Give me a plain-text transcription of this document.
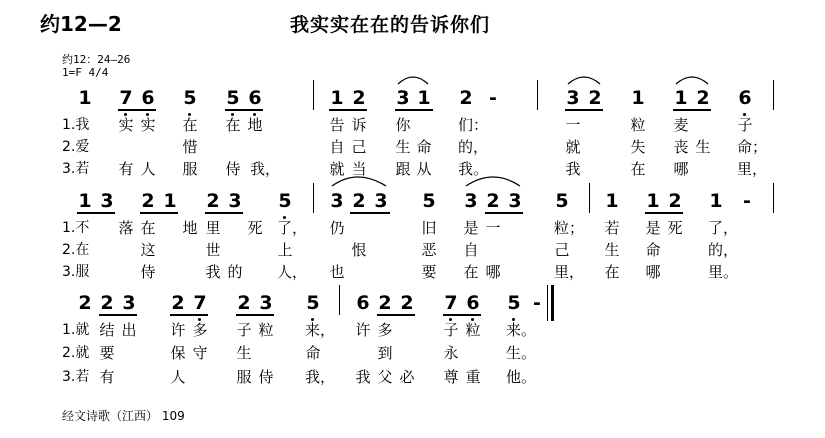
约12—2	我实实在在的告诉你们
约12：24—26
1=F 4/4
1 7 6 5 5 6	1 2 3 1 2 -	3 2 1 1 2 6
1.我 实 实 在 在 地	告 诉 你	们：	一	粒 麦	子
2.爱	惜	自 己 生 命 的，	就	失 丧 生 命；
3.若 有 人 服 侍 我，	就 当 跟 从 我。	我	在 哪	里，
1 3 2 1 2 3 5 3 2 3 5 3 2 3 5 1 1 2 1 -
1.不 落 在 地 里 死 了， 仍	旧 是 一	粒； 若 是 死 了，
2.在	这	世	上	恨	恶 自	己 生 命	的，
3.服	侍	我 的 人， 也	要 在 哪	里， 在 哪	里。
2 2 3 2 7 2 3 5 6 2 2 7 6 5 -
1.就 结 出 许 多 子 粒 来， 许 多	子 粒 来。
2.就 要	保 守 生	命	到	永	生。
3.若 有	人	服 侍 我， 我 父 必 尊 重 他。
经文诗歌（江西） 109
